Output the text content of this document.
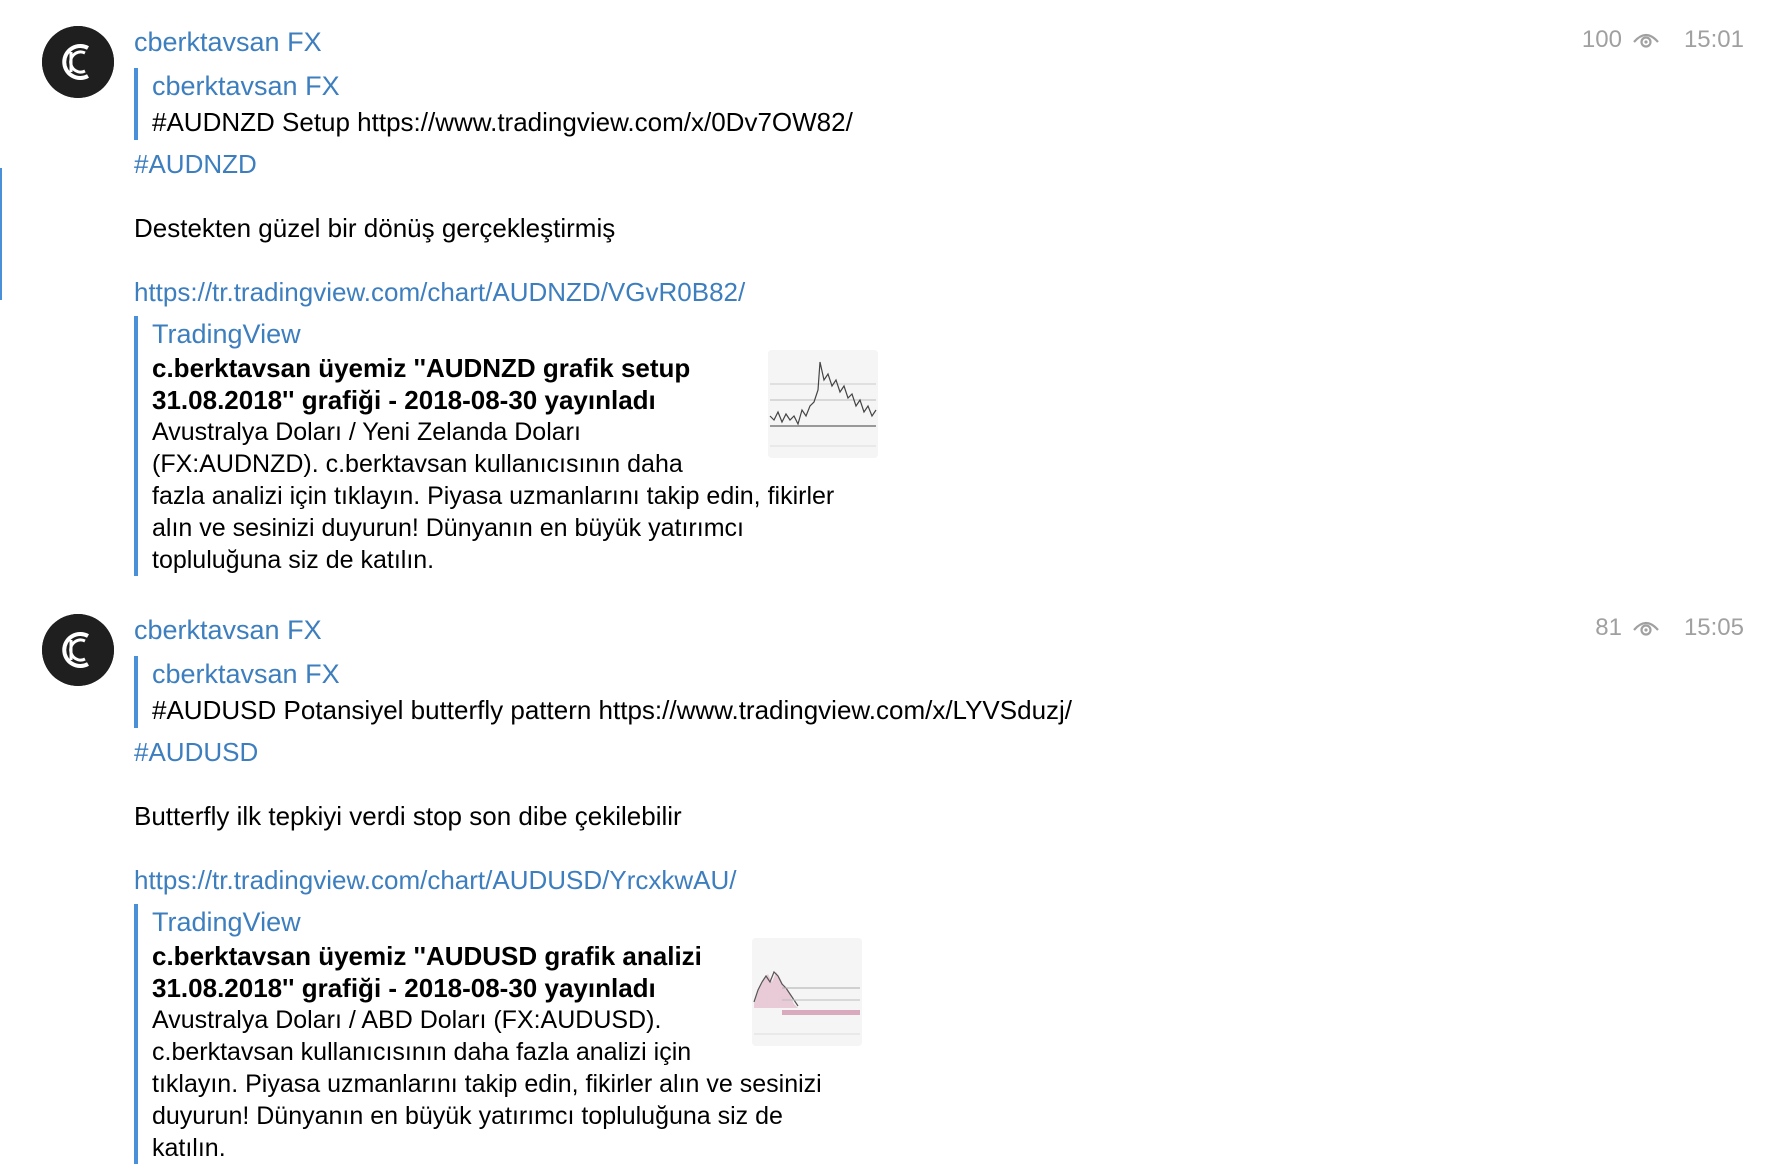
100	15:01
cberktavsan FX
cberktavsan FX
#AUDNZD Setup https://www.tradingview.com/x/0Dv7OW82/
#AUDNZD
Destekten güzel bir dönüş gerçekleştirmiş
https://tr.tradingview.com/chart/AUDNZD/VGvR0B82/
TradingView
c.berktavsan üyemiz ''AUDNZD grafik setup
31.08.2018'' grafiği - 2018-08-30 yayınladı
Avustralya Doları / Yeni Zelanda Doları
(FX:AUDNZD). c.berktavsan kullanıcısının daha
fazla analizi için tıklayın. Piyasa uzmanlarını takip edin, fikirler
alın ve sesinizi duyurun! Dünyanın en büyük yatırımcı
topluluğuna siz de katılın.
81	15:05
cberktavsan FX
cberktavsan FX
#AUDUSD Potansiyel butterfly pattern https://www.tradingview.com/x/LYVSduzj/
#AUDUSD
Butterfly ilk tepkiyi verdi stop son dibe çekilebilir
https://tr.tradingview.com/chart/AUDUSD/YrcxkwAU/
TradingView
c.berktavsan üyemiz ''AUDUSD grafik analizi
31.08.2018'' grafiği - 2018-08-30 yayınladı
Avustralya Doları / ABD Doları (FX:AUDUSD).
c.berktavsan kullanıcısının daha fazla analizi için
tıklayın. Piyasa uzmanlarını takip edin, fikirler alın ve sesinizi
duyurun! Dünyanın en büyük yatırımcı topluluğuna siz de
katılın.
